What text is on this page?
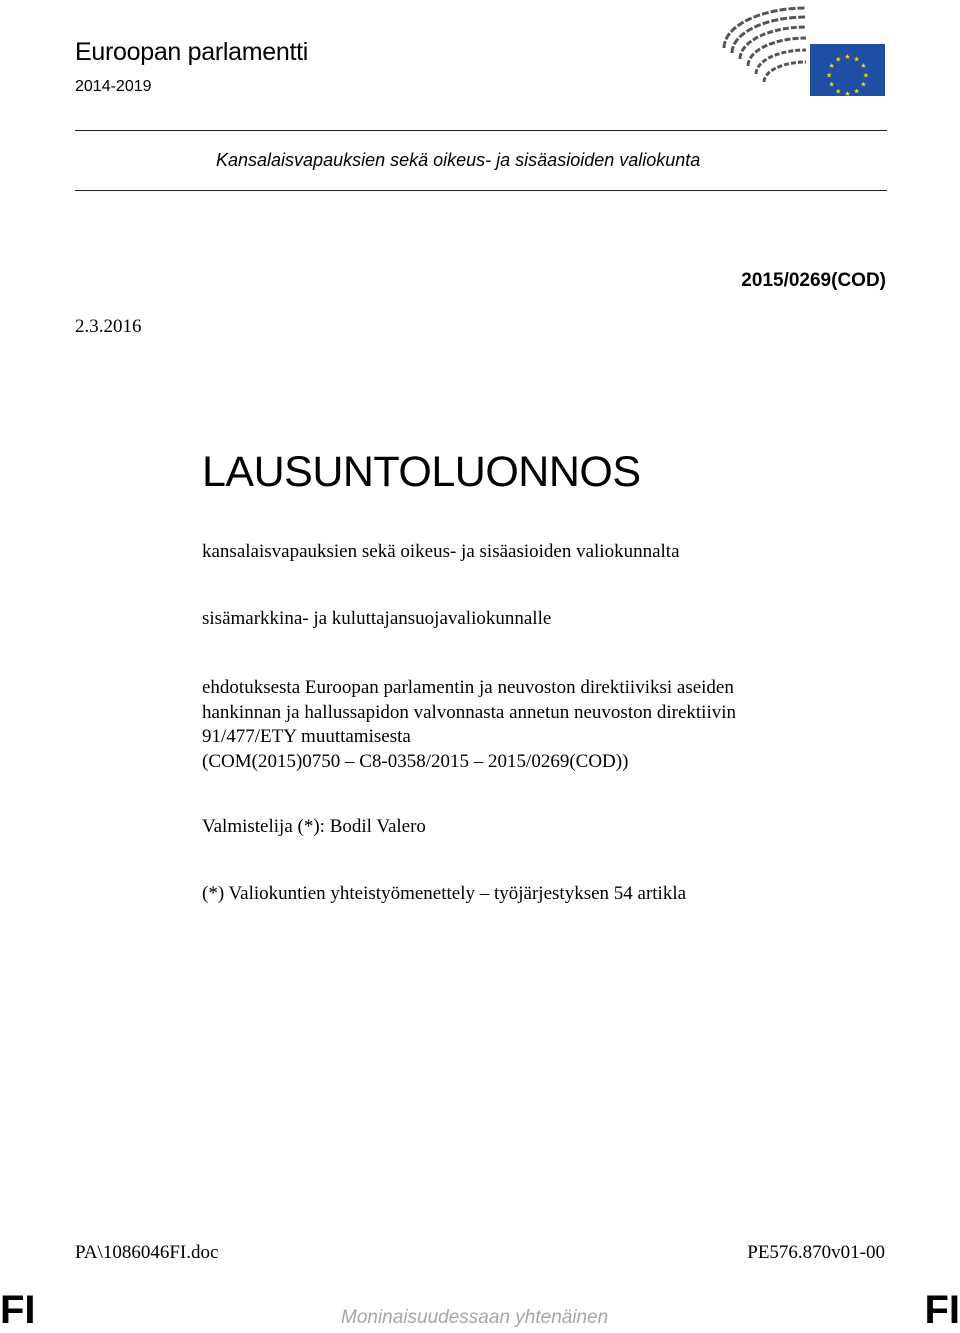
Euroopan parlamentti
2014-2019
★ ★
★
★
★
★
★
★
★
★
★
★
Kansalaisvapauksien sekä oikeus- ja sisäasioiden valiokunta
2015/0269(COD)
2.3.2016
LAUSUNTOLUONNOS
kansalaisvapauksien sekä oikeus- ja sisäasioiden valiokunnalta
sisämarkkina- ja kuluttajansuojavaliokunnalle
ehdotuksesta Euroopan parlamentin ja neuvoston direktiiviksi aseiden
hankinnan ja hallussapidon valvonnasta annetun neuvoston direktiivin
91/477/ETY muuttamisesta
(COM(2015)0750 – C8-0358/2015 – 2015/0269(COD))
Valmistelija (*): Bodil Valero
(*) Valiokuntien yhteistyömenettely – työjärjestyksen 54 artikla
PA\1086046FI.doc	PE576.870v01-00
FI	Moninaisuudessaan yhtenäinen	FI
